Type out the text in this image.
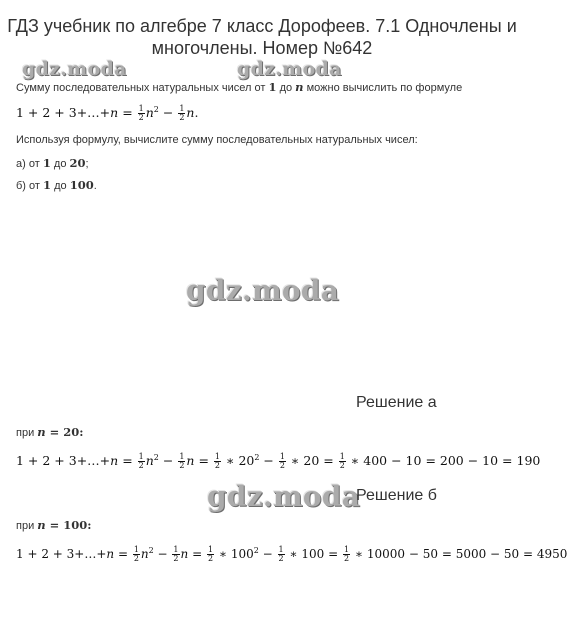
ГДЗ учебник по алгебре 7 класс Дорофеев. 7.1 Одночлены и
многочлены. Номер №642
gdz.moda	gdz.moda
Сумму последовательных натуральных чисел от 1 до n можно вычислить по формуле
1 + 2 + 3+…+n = $\frac{1}{2} n^2 - \frac{1}{2} n$.
Используя формулу, вычислите сумму последовательных натуральных чисел:
а) от 1 до 20;
б) от 1 до 100.
gdz.moda
Решение а
при n = 20:
1 + 2 + 3+…+n = $\frac{1}{2} n^2 - \frac{1}{2}$ $n = \frac{1}{2}$ ∗ $20^2 - \frac{1}{2}$ ∗ $20 = \frac{1}{2}$ ∗ 400 − 10 = 200 − 10 = 190
gdz.moda
Решение б
при n = 100:
1 + 2 + 3+…+n = $\frac{1}{2} n^2 - \frac{1}{2}$ $n = \frac{1}{2}$ ∗ $100^2 - \frac{1}{2}$ ∗ $100 = \frac{1}{2}$ ∗ 10000 − 50 = 5000 − 50 = 4950
